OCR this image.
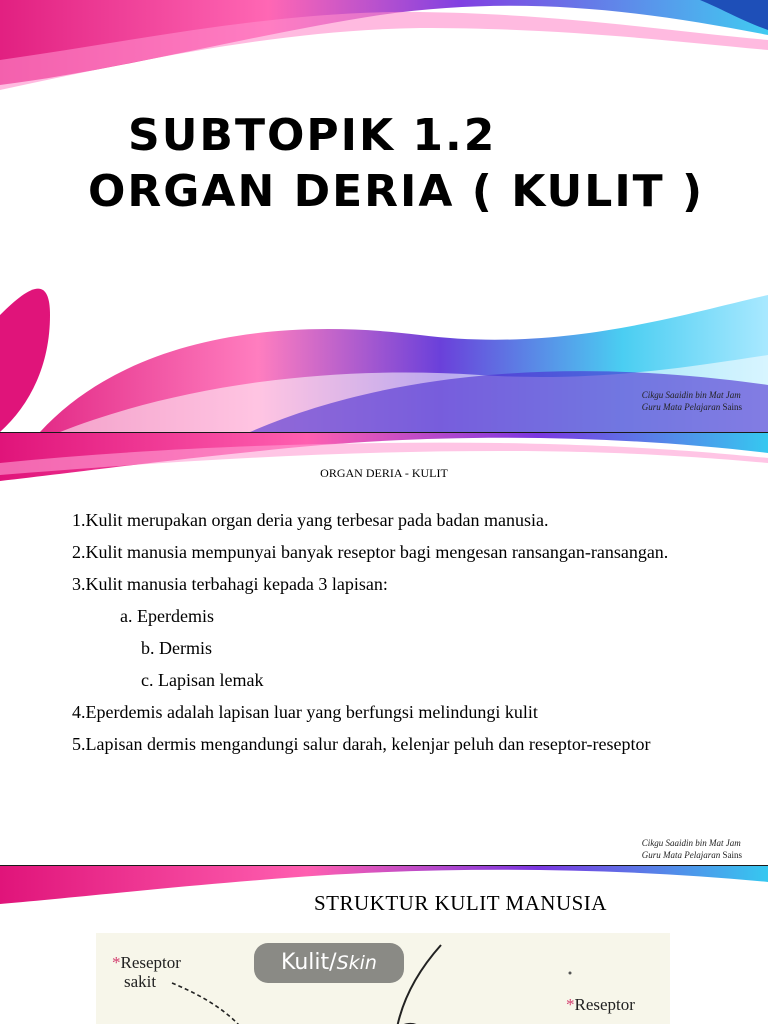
SUBTOPIK 1.2
ORGAN DERIA ( KULIT )
Cikgu Saaidin bin Mat Jam
Guru Mata Pelajaran Sains
ORGAN DERIA - KULIT
1.Kulit merupakan organ deria yang terbesar pada badan manusia.
2.Kulit manusia mempunyai banyak reseptor bagi mengesan ransangan-ransangan.
3.Kulit manusia terbahagi kepada 3 lapisan:
a. Eperdemis
b. Dermis
c. Lapisan lemak
4.Eperdemis adalah lapisan luar yang berfungsi melindungi kulit
5.Lapisan dermis mengandungi salur darah, kelenjar peluh dan reseptor-reseptor
Cikgu Saaidin bin Mat Jam
Guru Mata Pelajaran Sains
STRUKTUR KULIT MANUSIA
*Reseptor
sakit
Kulit/Skin
*Reseptor
